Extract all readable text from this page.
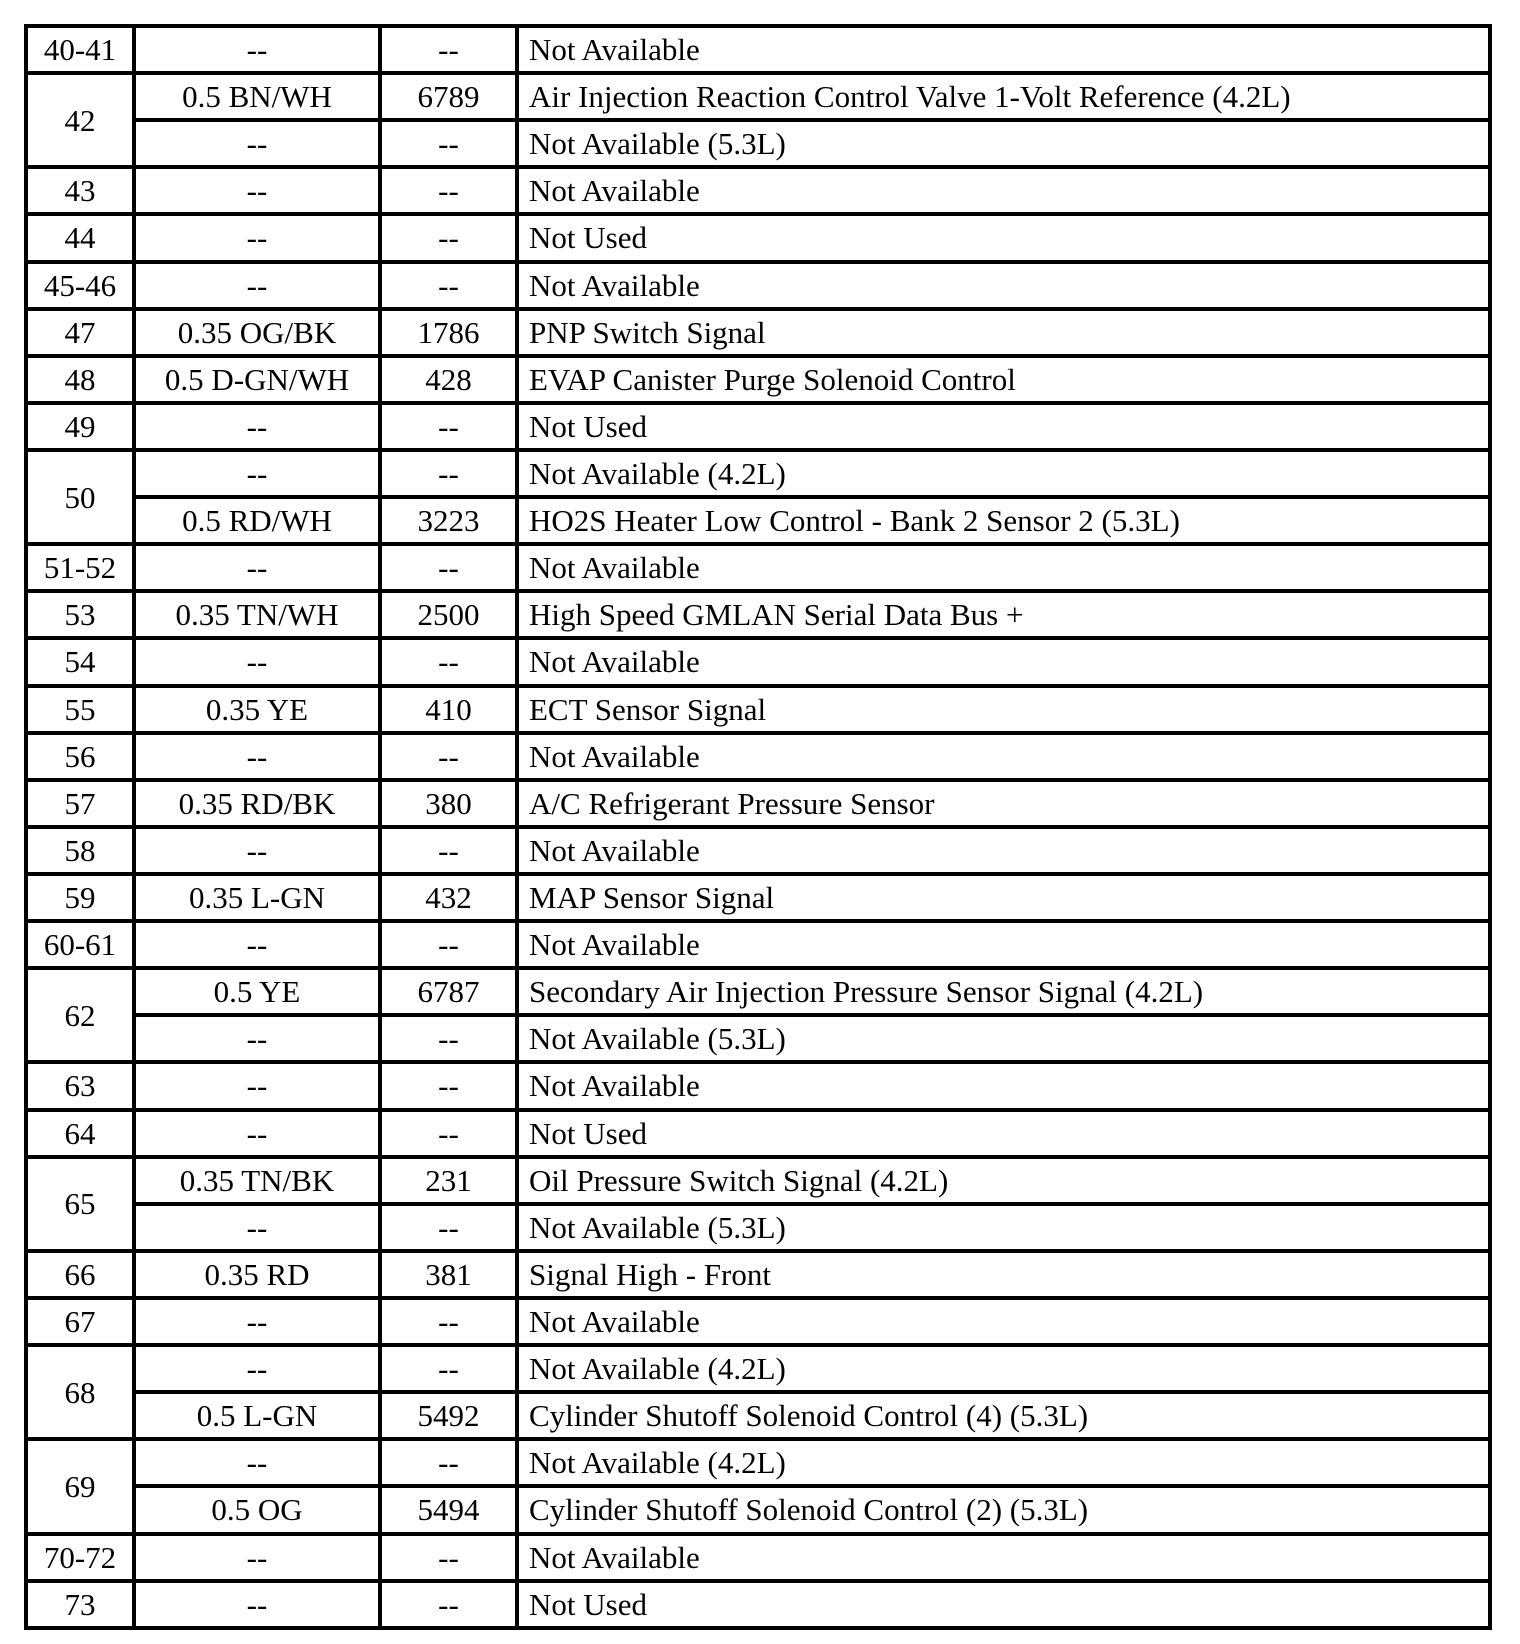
40-41	--	--	Not Available
42	0.5 BN/WH	6789	Air Injection Reaction Control Valve 1-Volt Reference (4.2L)
	--	--	Not Available (5.3L)
43	--	--	Not Available
44	--	--	Not Used
45-46	--	--	Not Available
47	0.35 OG/BK	1786	PNP Switch Signal
48	0.5 D-GN/WH	428	EVAP Canister Purge Solenoid Control
49	--	--	Not Used
50	--	--	Not Available (4.2L)
	0.5 RD/WH	3223	HO2S Heater Low Control - Bank 2 Sensor 2 (5.3L)
51-52	--	--	Not Available
53	0.35 TN/WH	2500	High Speed GMLAN Serial Data Bus +
54	--	--	Not Available
55	0.35 YE	410	ECT Sensor Signal
56	--	--	Not Available
57	0.35 RD/BK	380	A/C Refrigerant Pressure Sensor
58	--	--	Not Available
59	0.35 L-GN	432	MAP Sensor Signal
60-61	--	--	Not Available
62	0.5 YE	6787	Secondary Air Injection Pressure Sensor Signal (4.2L)
	--	--	Not Available (5.3L)
63	--	--	Not Available
64	--	--	Not Used
65	0.35 TN/BK	231	Oil Pressure Switch Signal (4.2L)
	--	--	Not Available (5.3L)
66	0.35 RD	381	Signal High - Front
67	--	--	Not Available
68	--	--	Not Available (4.2L)
	0.5 L-GN	5492	Cylinder Shutoff Solenoid Control (4) (5.3L)
69	--	--	Not Available (4.2L)
	0.5 OG	5494	Cylinder Shutoff Solenoid Control (2) (5.3L)
70-72	--	--	Not Available
73	--	--	Not Used
